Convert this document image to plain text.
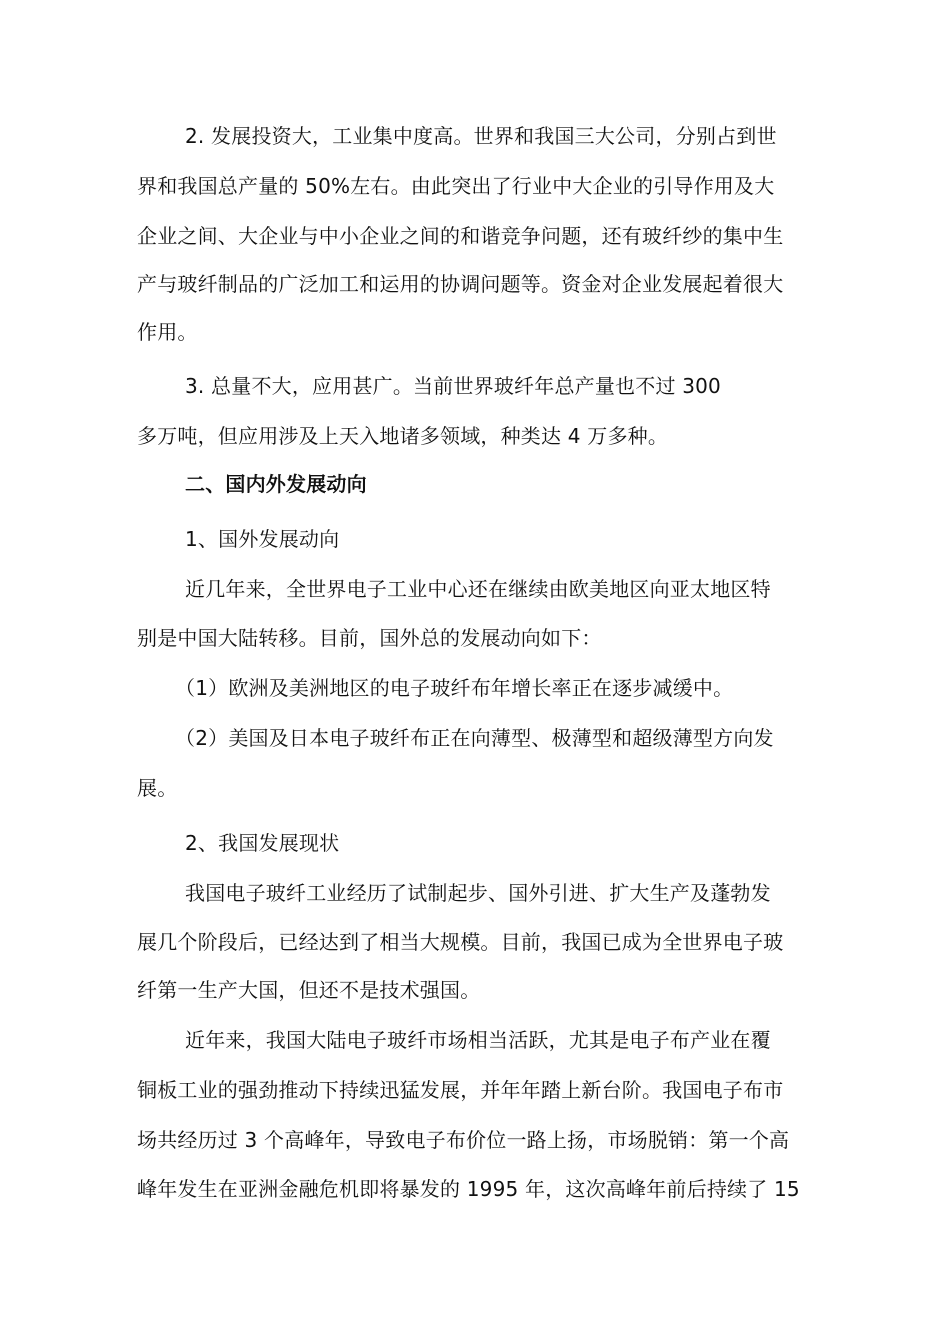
2. 发展投资大，工业集中度高。世界和我国三大公司，分别占到世
界和我国总产量的 50%左右。由此突出了行业中大企业的引导作用及大
企业之间、大企业与中小企业之间的和谐竞争问题，还有玻纤纱的集中生
产与玻纤制品的广泛加工和运用的协调问题等。资金对企业发展起着很大
作用。
3. 总量不大，应用甚广。当前世界玻纤年总产量也不过 300
多万吨，但应用涉及上天入地诸多领域，种类达 4 万多种。
二、国内外发展动向
1、国外发展动向
近几年来，全世界电子工业中心还在继续由欧美地区向亚太地区特
别是中国大陆转移。目前，国外总的发展动向如下：
（1）欧洲及美洲地区的电子玻纤布年增长率正在逐步减缓中。
（2）美国及日本电子玻纤布正在向薄型、极薄型和超级薄型方向发
展。
2、我国发展现状
我国电子玻纤工业经历了试制起步、国外引进、扩大生产及蓬勃发
展几个阶段后，已经达到了相当大规模。目前，我国已成为全世界电子玻
纤第一生产大国，但还不是技术强国。
近年来，我国大陆电子玻纤市场相当活跃，尤其是电子布产业在覆
铜板工业的强劲推动下持续迅猛发展，并年年踏上新台阶。我国电子布市
场共经历过 3 个高峰年，导致电子布价位一路上扬，市场脱销：第一个高
峰年发生在亚洲金融危机即将暴发的 1995 年，这次高峰年前后持续了 15
